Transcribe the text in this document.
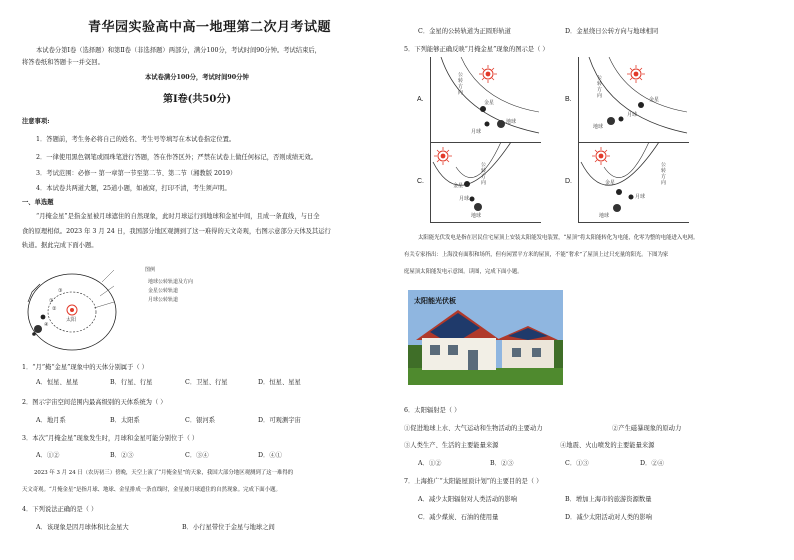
青华园实验高中高一地理第二次月考试题
本试卷分第Ⅰ卷（选择题）和第Ⅱ卷（非选择题）两部分，满分100分，考试时间90分钟。考试结束后，
将答卷纸和答题卡一并交回。
本试卷满分100分，考试时间90分钟
第Ⅰ卷(共50分)
注意事项:
1．答题前，考生务必将自己的姓名、考生号等填写在本试卷指定位置。
2．一律使用黑色钢笔或圆珠笔进行答题，答在作答区外；严禁在试卷上做任何标记，否则成绩无效。
3．考试范围：必修一 第一章第一节至第二节、第二节（湘教版 2019）
4．本试卷共两道大题，25道小题，如被窝，打印不清，考生须声明。
一、单选题
“月掩金星”是指金星被月球遮住的自然现象，此时月球运行到地球和金星中间，且成一条直线，与日全
食的原理相似。2023 年 3 月 24 日，我国部分地区观测到了这一难得的天文奇观，右图示意部分天体及其运行
轨道。据此完成下面小题。
太阳
①
②
③
④
图例
地球公转轨道及方向
金星公转轨道
月球公转轨道
1．“月”掩“金星”现象中的天体分别属于（ ）
A．恒星、星星	B．行星、行星	C．卫星、行星	D．恒星、星星
2．图示宇宙空间范围内最高级别的天体系统为（ ）
A．地月系	B．太阳系	C．银河系	D．可观测宇宙
3．本次“月掩金星”现象发生时，月球和金星可能分别位于（ ）
A．①②	B．②③	C．③④	D．④①
2023 年 3 月 24 日（农历初三）傍晚，天空上演了“月掩金星”的天象，我国大部分地区观测到了这一难得的
天文奇观。“月掩金星”是指月球、地球、金星排成一条直线时，金星被月球遮住的自然现象。完成下面小题。
4．下列说法正确的是（ ）
A．该现象是因月球体积比金星大	B．小行星带位于金星与地球之间
C．金星的公转轨道为正圆形轨道	D．金星绕日公转方向与地球相同
5．下列能够正确反映“月掩金星”现象的图示是（ ）
A.	金星
月球
地球
公转方向
B.	金星
月球
地球
公转方向
C.
金星
月球
地球
公转方向	D.	金星
月球
地球
公转方向
太阳能光伏发电是指在居民住宅屋顶上安装太阳能发电装置，“屋顶”将太阳能转化为电能，化零为整的电能进入电网。
有关专家指出：上海没有面积和场所，但有闲置平方米的屋顶，不能“奢求”了屋顶上过只充量的阳光。下图为家
庭屋顶太阳能发电示意图。读图，完成下面小题。
太阳能光伏板
6．太阳辐射是（ ）
①促进地球上水、大气运动和生物活动的主要动力	②产生磁暴现象的原动力
③人类生产、生活的主要能量来源	④地震、火山喷发的主要能量来源
A．①②	B．②③	C．①③	D．②④
7．上海推广“太阳能屋顶计划”的主要目的是（ ）
A．减少太阳辐射对人类活动的影响	B．增加上海市的旅游资源数量
C．减少煤炭、石油的使用量	D．减少太阳活动对人类的影响
